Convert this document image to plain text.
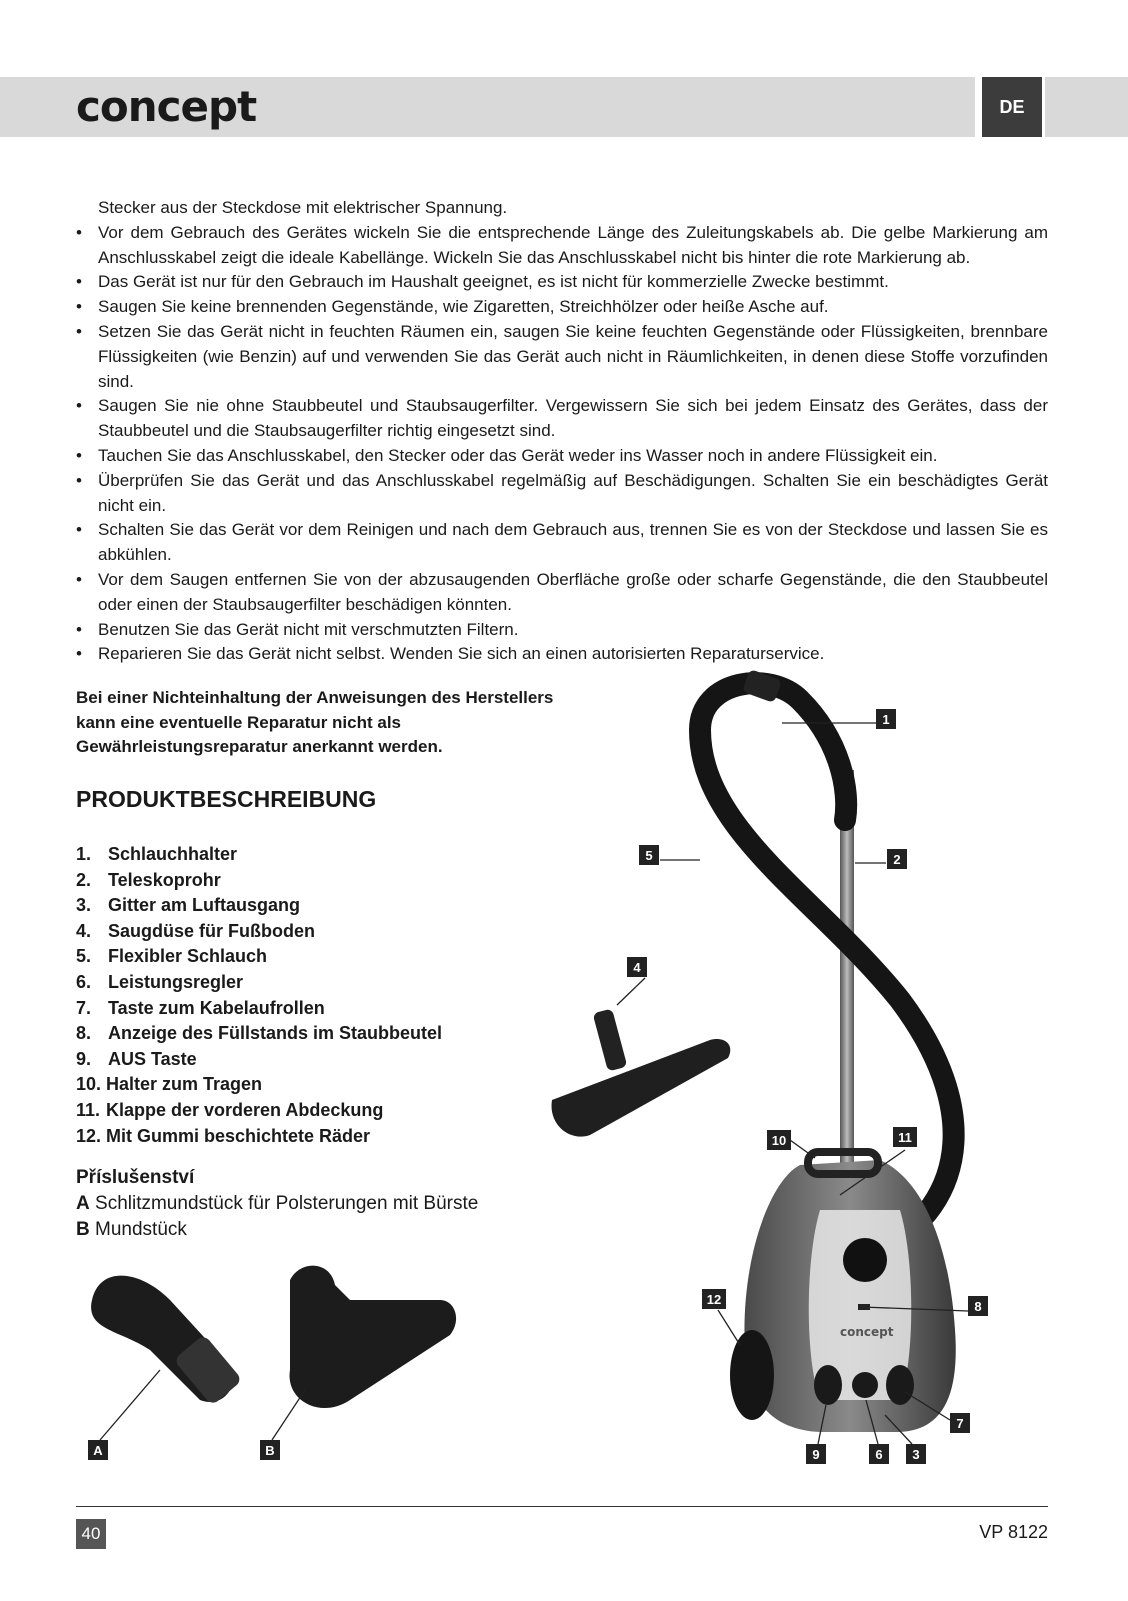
concept	DE
Stecker aus der Steckdose mit elektrischer Spannung.
• Vor dem Gebrauch des Gerätes wickeln Sie die entsprechende Länge des Zuleitungskabels ab. Die gelbe Markierung am Anschlusskabel zeigt die ideale Kabellänge. Wickeln Sie das Anschlusskabel nicht bis hinter die rote Markierung ab.
• Das Gerät ist nur für den Gebrauch im Haushalt geeignet, es ist nicht für kommerzielle Zwecke bestimmt.
• Saugen Sie keine brennenden Gegenstände, wie Zigaretten, Streichhölzer oder heiße Asche auf.
• Setzen Sie das Gerät nicht in feuchten Räumen ein, saugen Sie keine feuchten Gegenstände oder Flüssigkeiten, brennbare Flüssigkeiten (wie Benzin) auf und verwenden Sie das Gerät auch nicht in Räumlichkeiten, in denen diese Stoffe vorzufinden sind.
• Saugen Sie nie ohne Staubbeutel und Staubsaugerfilter. Vergewissern Sie sich bei jedem Einsatz des Gerätes, dass der Staubbeutel und die Staubsaugerfilter richtig eingesetzt sind.
• Tauchen Sie das Anschlusskabel, den Stecker oder das Gerät weder ins Wasser noch in andere Flüssigkeit ein.
• Überprüfen Sie das Gerät und das Anschlusskabel regelmäßig auf Beschädigungen. Schalten Sie ein beschädigtes Gerät nicht ein.
• Schalten Sie das Gerät vor dem Reinigen und nach dem Gebrauch aus, trennen Sie es von der Steckdose und lassen Sie es abkühlen.
• Vor dem Saugen entfernen Sie von der abzusaugenden Oberfläche große oder scharfe Gegenstände, die den Staubbeutel oder einen der Staubsaugerfilter beschädigen könnten.
• Benutzen Sie das Gerät nicht mit verschmutzten Filtern.
• Reparieren Sie das Gerät nicht selbst. Wenden Sie sich an einen autorisierten Reparaturservice.
Bei einer Nichteinhaltung der Anweisungen des Herstellers kann eine eventuelle Reparatur nicht als Gewährleistungsreparatur anerkannt werden.
PRODUKTBESCHREIBUNG
1. Schlauchhalter
2. Teleskoprohr
3. Gitter am Luftausgang
4. Saugdüse für Fußboden
5. Flexibler Schlauch
6. Leistungsregler
7. Taste zum Kabelaufrollen
8. Anzeige des Füllstands im Staubbeutel
9. AUS Taste
10. Halter zum Tragen
11. Klappe der vorderen Abdeckung
12. Mit Gummi beschichtete Räder
Příslušenství
A Schlitzmundstück für Polsterungen mit Bürste
B Mundstück
concept
1
2
3
4
5
6
7
8
9
10	11
12
A	B
40	VP 8122
